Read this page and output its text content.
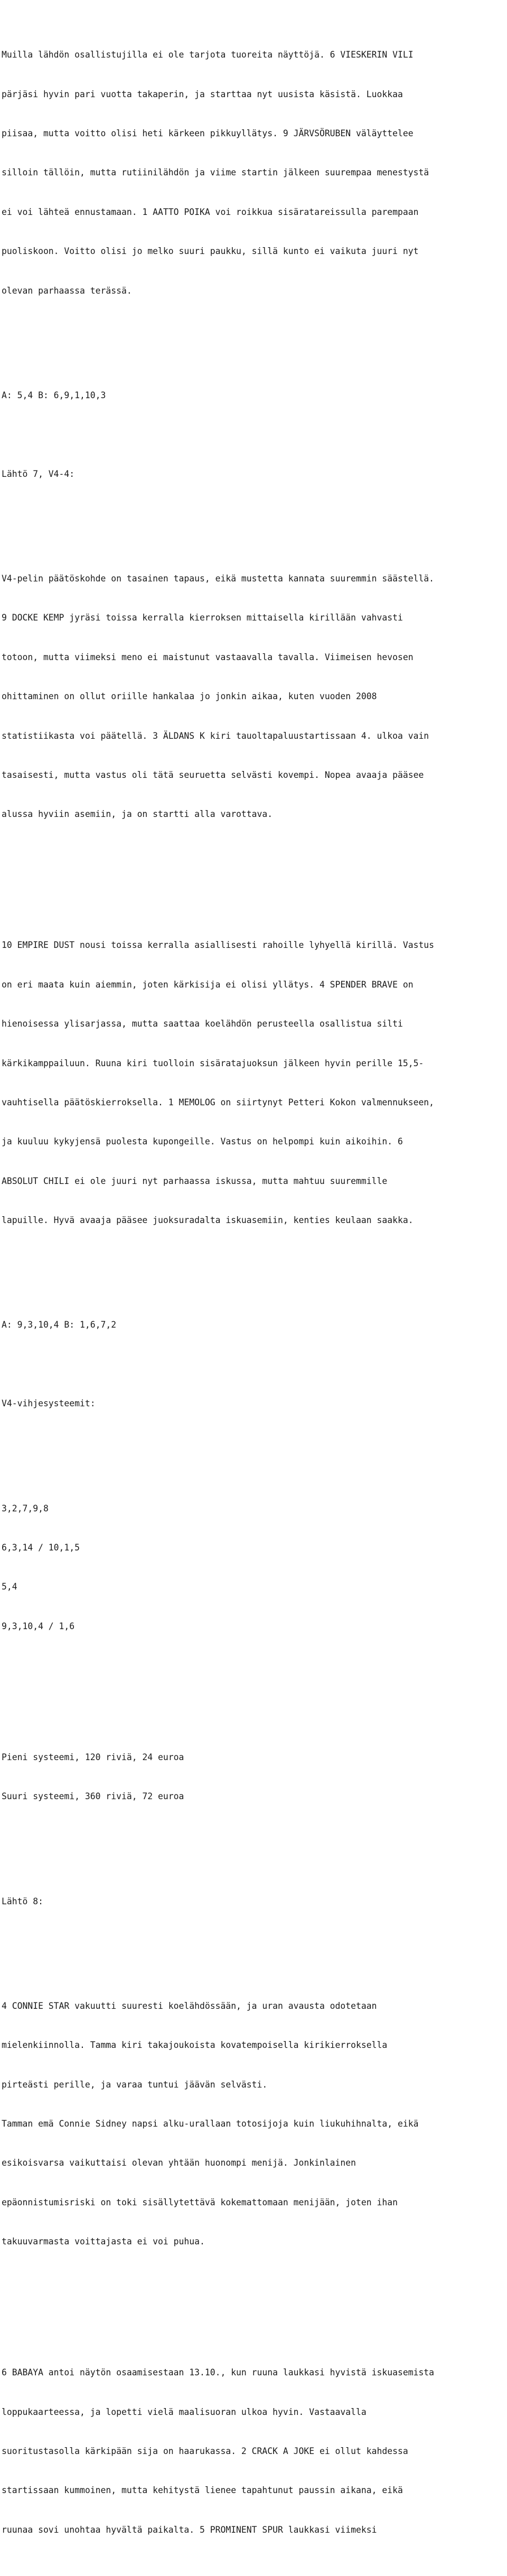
Muilla lähdön osallistujilla ei ole tarjota tuoreita näyttöjä. 6 VIESKERIN VILI

pärjäsi hyvin pari vuotta takaperin, ja starttaa nyt uusista käsistä. Luokkaa

piisaa, mutta voitto olisi heti kärkeen pikkuyllätys. 9 JÄRVSÖRUBEN väläyttelee

silloin tällöin, mutta rutiinilähdön ja viime startin jälkeen suurempaa menestystä

ei voi lähteä ennustamaan. 1 AATTO POIKA voi roikkua sisäratareissulla parempaan

puoliskoon. Voitto olisi jo melko suuri paukku, sillä kunto ei vaikuta juuri nyt

olevan parhaassa terässä.

A: 5,4 B: 6,9,1,10,3

Lähtö 7, V4-4:

V4-pelin päätöskohde on tasainen tapaus, eikä mustetta kannata suuremmin säästellä.

9 DOCKE KEMP jyräsi toissa kerralla kierroksen mittaisella kirillään vahvasti

totoon, mutta viimeksi meno ei maistunut vastaavalla tavalla. Viimeisen hevosen

ohittaminen on ollut oriille hankalaa jo jonkin aikaa, kuten vuoden 2008

statistiikasta voi päätellä. 3 ÄLDANS K kiri tauoltapaluustartissaan 4. ulkoa vain

tasaisesti, mutta vastus oli tätä seuruetta selvästi kovempi. Nopea avaaja pääsee

alussa hyviin asemiin, ja on startti alla varottava.

10 EMPIRE DUST nousi toissa kerralla asiallisesti rahoille lyhyellä kirillä. Vastus

on eri maata kuin aiemmin, joten kärkisija ei olisi yllätys. 4 SPENDER BRAVE on

hienoisessa ylisarjassa, mutta saattaa koelähdön perusteella osallistua silti

kärkikamppailuun. Ruuna kiri tuolloin sisäratajuoksun jälkeen hyvin perille 15,5-

vauhtisella päätöskierroksella. 1 MEMOLOG on siirtynyt Petteri Kokon valmennukseen,

ja kuuluu kykyjensä puolesta kupongeille. Vastus on helpompi kuin aikoihin. 6

ABSOLUT CHILI ei ole juuri nyt parhaassa iskussa, mutta mahtuu suuremmille

lapuille. Hyvä avaaja pääsee juoksuradalta iskuasemiin, kenties keulaan saakka.

A: 9,3,10,4 B: 1,6,7,2

V4-vihjesysteemit:

3,2,7,9,8

6,3,14 / 10,1,5

5,4

9,3,10,4 / 1,6

Pieni systeemi, 120 riviä, 24 euroa

Suuri systeemi, 360 riviä, 72 euroa

Lähtö 8:

4 CONNIE STAR vakuutti suuresti koelähdössään, ja uran avausta odotetaan

mielenkiinnolla. Tamma kiri takajoukoista kovatempoisella kirikierroksella

pirteästi perille, ja varaa tuntui jäävän selvästi.

Tamman emä Connie Sidney napsi alku-urallaan totosijoja kuin liukuhihnalta, eikä

esikoisvarsa vaikuttaisi olevan yhtään huonompi menijä. Jonkinlainen

epäonnistumisriski on toki sisällytettävä kokemattomaan menijään, joten ihan

takuuvarmasta voittajasta ei voi puhua.

6 BABAYA antoi näytön osaamisestaan 13.10., kun ruuna laukkasi hyvistä iskuasemista

loppukaarteessa, ja lopetti vielä maalisuoran ulkoa hyvin. Vastaavalla

suoritustasolla kärkipään sija on haarukassa. 2 CRACK A JOKE ei ollut kahdessa

startissaan kummoinen, mutta kehitystä lienee tapahtunut paussin aikana, eikä

ruunaa sovi unohtaa hyvältä paikalta. 5 PROMINENT SPUR laukkasi viimeksi
